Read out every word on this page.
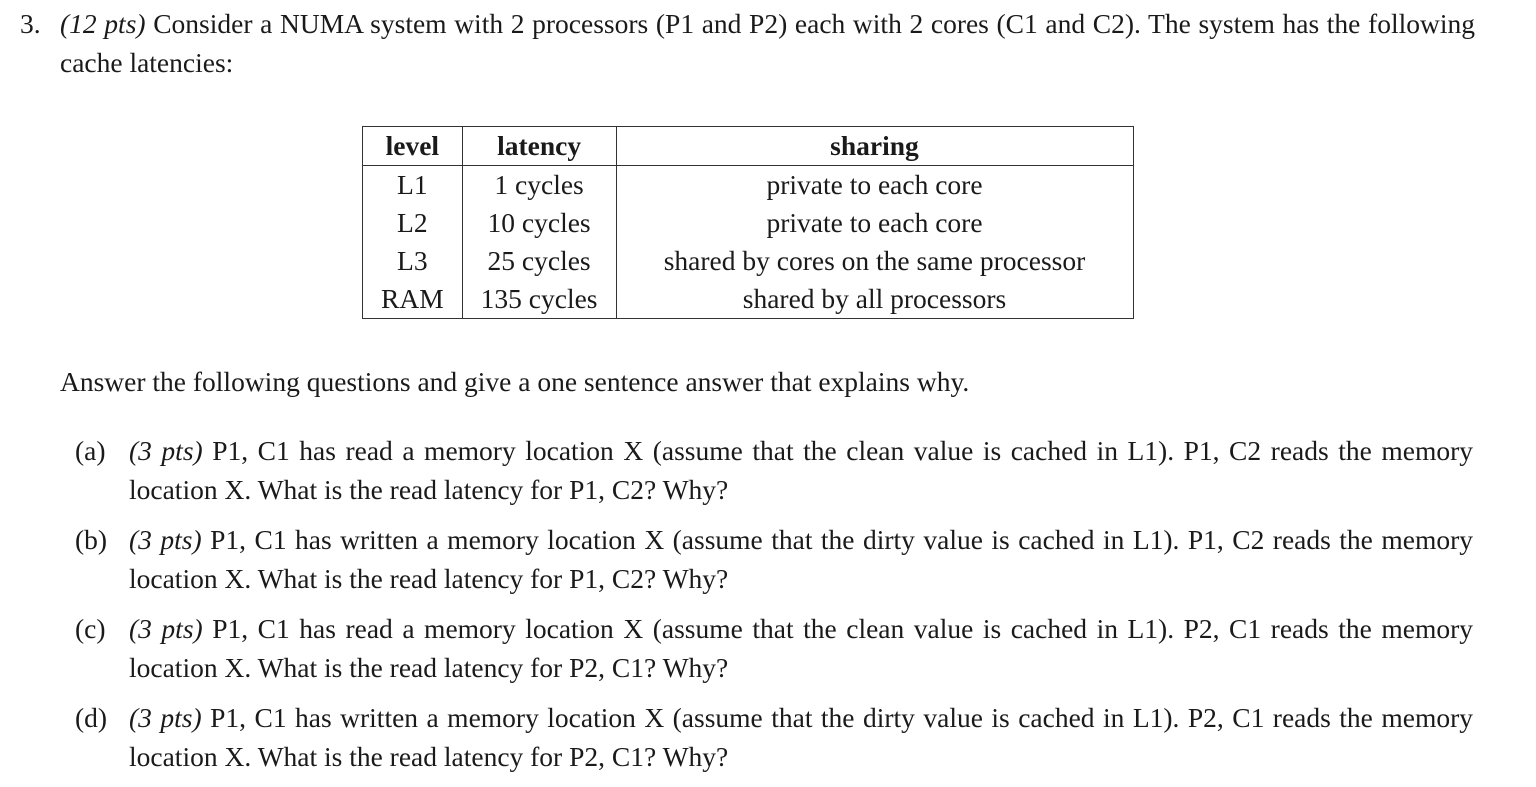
3. (12 pts) Consider a NUMA system with 2 processors (P1 and P2) each with 2 cores (C1 and C2). The system has the following cache latencies:
level	latency	sharing
L1	1 cycles	private to each core
L2	10 cycles	private to each core
L3	25 cycles	shared by cores on the same processor
RAM	135 cycles	shared by all processors
Answer the following questions and give a one sentence answer that explains why.
(a) (3 pts) P1, C1 has read a memory location X (assume that the clean value is cached in L1). P1, C2 reads the memory location X. What is the read latency for P1, C2? Why?
(b) (3 pts) P1, C1 has written a memory location X (assume that the dirty value is cached in L1). P1, C2 reads the memory location X. What is the read latency for P1, C2? Why?
(c) (3 pts) P1, C1 has read a memory location X (assume that the clean value is cached in L1). P2, C1 reads the memory location X. What is the read latency for P2, C1? Why?
(d) (3 pts) P1, C1 has written a memory location X (assume that the dirty value is cached in L1). P2, C1 reads the memory location X. What is the read latency for P2, C1? Why?
